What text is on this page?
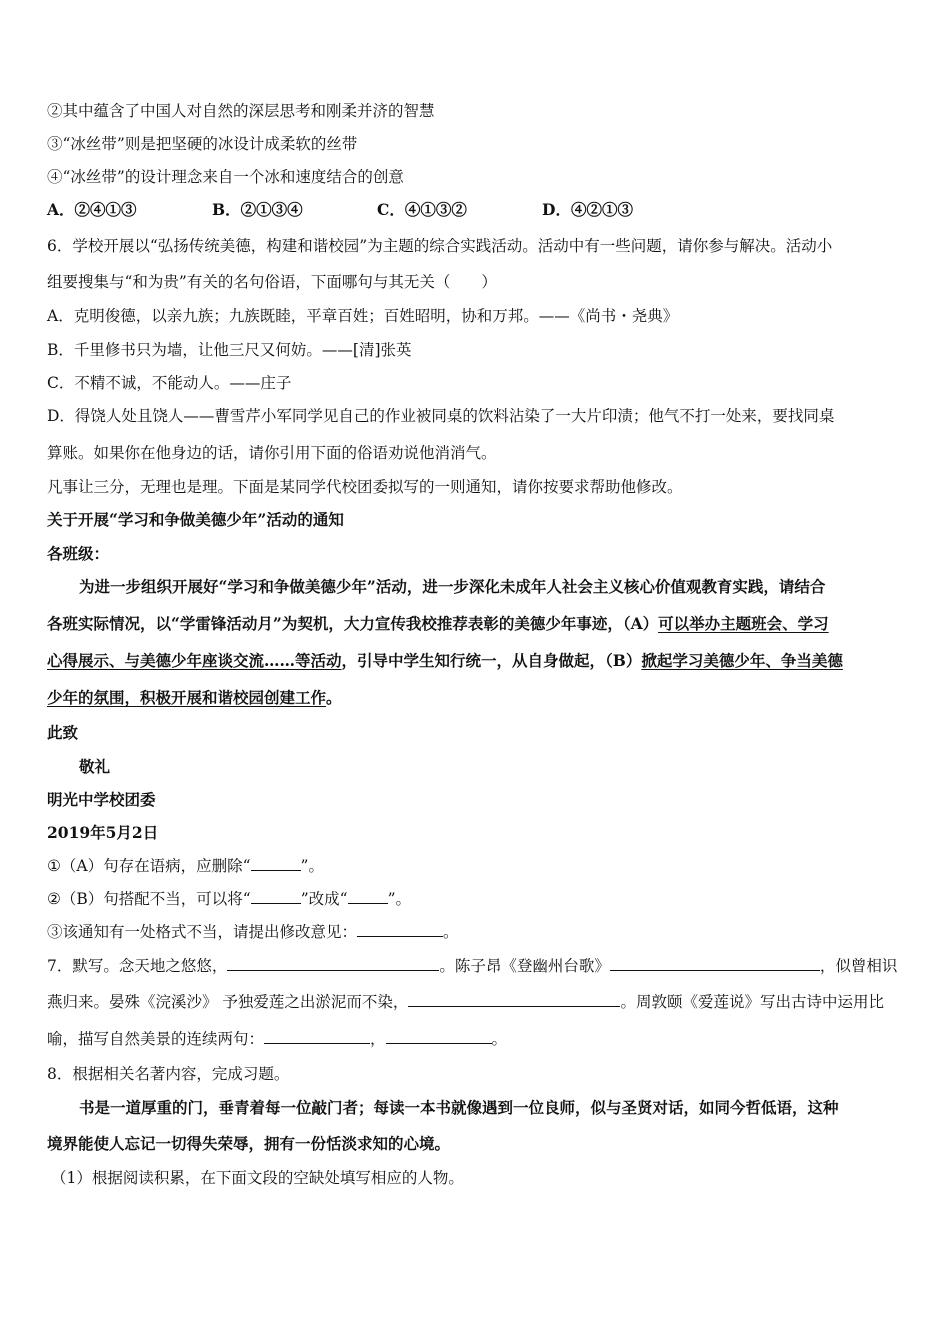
②其中蕴含了中国人对自然的深层思考和刚柔并济的智慧
③“冰丝带”则是把坚硬的冰设计成柔软的丝带
④“冰丝带”的设计理念来自一个冰和速度结合的创意
A．②④①③	B．②①③④	C．④①③②	D．④②①③
6．学校开展以“弘扬传统美德，构建和谐校园”为主题的综合实践活动。活动中有一些问题，请你参与解决。活动小
组要搜集与“和为贵”有关的名句俗语，下面哪句与其无关（　　）
A．克明俊德，以亲九族；九族既睦，平章百姓；百姓昭明，协和万邦。——《尚书・尧典》
B．千里修书只为墙，让他三尺又何妨。——[清]张英
C．不精不诚，不能动人。——庄子
D．得饶人处且饶人——曹雪芹小军同学见自己的作业被同桌的饮料沾染了一大片印渍；他气不打一处来，要找同桌
算账。如果你在他身边的话，请你引用下面的俗语劝说他消消气。
凡事让三分，无理也是理。下面是某同学代校团委拟写的一则通知，请你按要求帮助他修改。
关于开展“学习和争做美德少年”活动的通知
各班级：
为进一步组织开展好“学习和争做美德少年”活动，进一步深化未成年人社会主义核心价值观教育实践，请结合
各班实际情况，以“学雷锋活动月”为契机，大力宣传我校推荐表彰的美德少年事迹，（A）可以举办主题班会、学习
心得展示、与美德少年座谈交流……等活动，引导中学生知行统一，从自身做起，（B）掀起学习美德少年、争当美德
少年的氛围，积极开展和谐校园创建工作。
此致
敬礼
明光中学校团委
2019年5月2日
①（A）句存在语病，应删除“	”。
②（B）句搭配不当，可以将“	”改成“	”。
③该通知有一处格式不当，请提出修改意见：	。
7．默写。念天地之悠悠，	。陈子昂《登幽州台歌》	，似曾相识
燕归来。晏殊《浣溪沙》 予独爱莲之出淤泥而不染，	。周敦颐《爱莲说》写出古诗中运用比
喻，描写自然美景的连续两句：	，	。
8．根据相关名著内容，完成习题。
书是一道厚重的门，垂青着每一位敲门者；每读一本书就像遇到一位良师，似与圣贤对话，如同今哲低语，这种
境界能使人忘记一切得失荣辱，拥有一份恬淡求知的心境。
（1）根据阅读积累，在下面文段的空缺处填写相应的人物。
